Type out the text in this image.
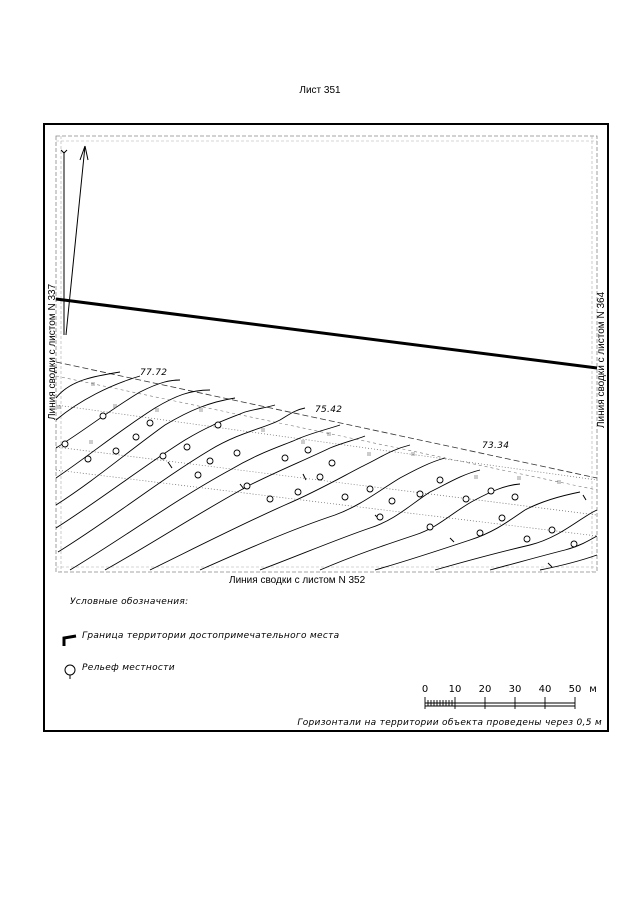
Лист 351
77.72
75.42
73.34
Линия сводки с листом N 337	Линия сводки с листом N 364
Линия сводки с листом N 352
Условные обозначения:
Граница территории достопримечательного места
Рельеф местности
0 10 20 30 40 50 м
Горизонтали на территории объекта проведены через 0,5 м
